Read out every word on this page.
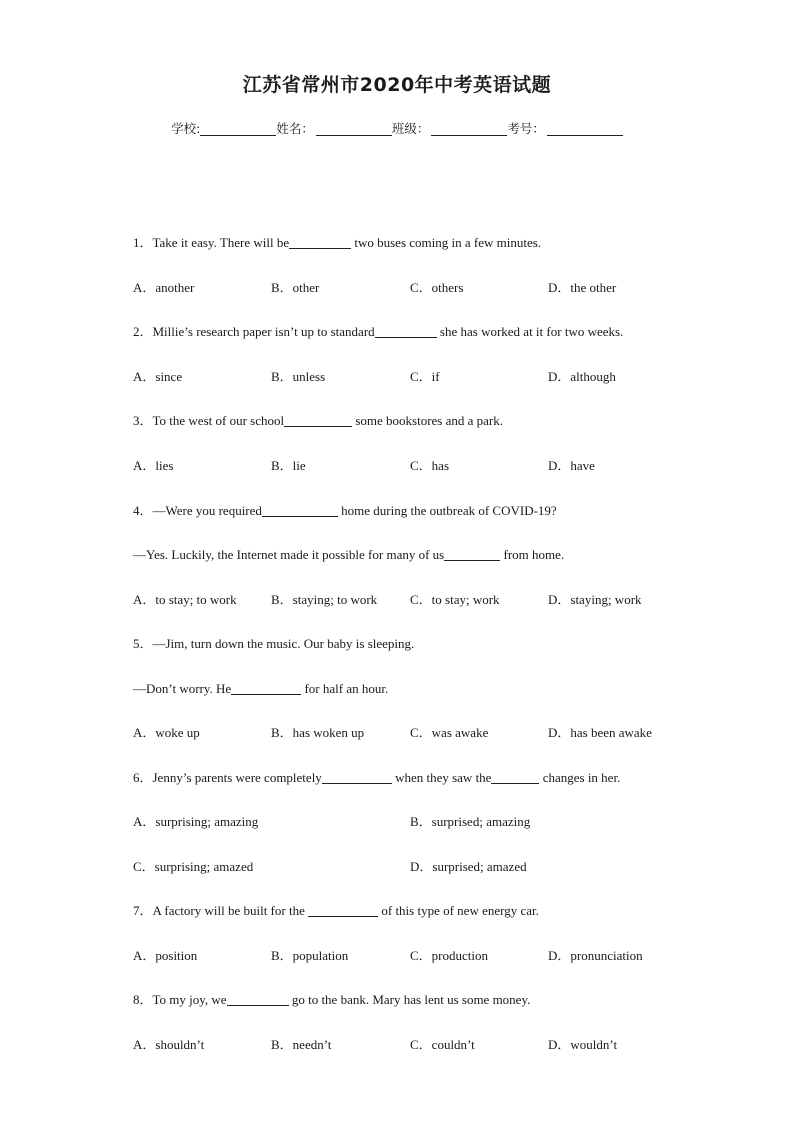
江苏省常州市2020年中考英语试题
学校:	姓名：	班级：	考号：
1．Take it easy. There will be	two buses coming in a few minutes.
A．another	B．other	C．others	D．the other
2．Millie’s research paper isn’t up to standard	she has worked at it for two weeks.
A．since	B．unless	C．if	D．although
3．To the west of our school	some bookstores and a park.
A．lies	B．lie	C．has	D．have
4．—Were you required	home during the outbreak of COVID-19?
—Yes. Luckily, the Internet made it possible for many of us	from home.
A．to stay; to work	B．staying; to work	C．to stay; work	D．staying; work
5．—Jim, turn down the music. Our baby is sleeping.
—Don’t worry. He	for half an hour.
A．woke up	B．has woken up	C．was awake	D．has been awake
6．Jenny’s parents were completely	when they saw the	changes in her.
A．surprising; amazing	B．surprised; amazing
C．surprising; amazed	D．surprised; amazed
7．A factory will be built for the	of this type of new energy car.
A．position	B．population	C．production	D．pronunciation
8．To my joy, we	go to the bank. Mary has lent us some money.
A．shouldn’t	B．needn’t	C．couldn’t	D．wouldn’t
